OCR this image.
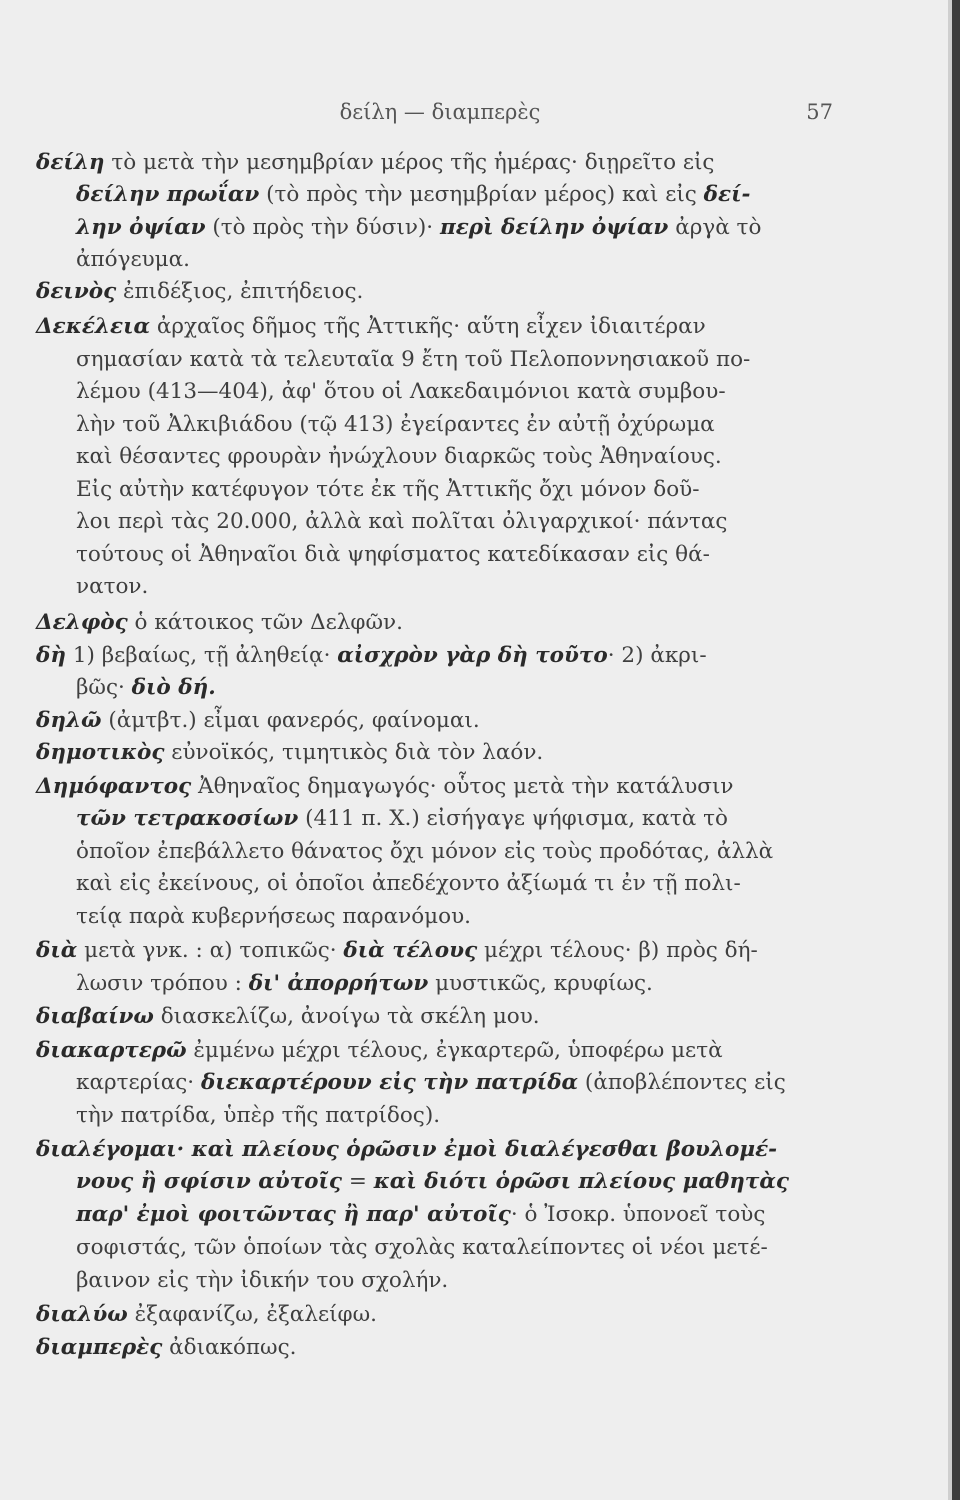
δείλη — διαμπερὲς	57
δείλη τὸ μετὰ τὴν μεσημβρίαν μέρος τῆς ἡμέρας· διῃρεῖτο εἰς
δείλην πρωΐαν (τὸ πρὸς τὴν μεσημβρίαν μέρος) καὶ εἰς δεί-
λην ὀψίαν (τὸ πρὸς τὴν δύσιν)· περὶ δείλην ὀψίαν ἀργὰ τὸ
ἀπόγευμα.
δεινὸς ἐπιδέξιος, ἐπιτήδειος.
Δεκέλεια ἀρχαῖος δῆμος τῆς Ἀττικῆς· αὕτη εἶχεν ἰδιαιτέραν
σημασίαν κατὰ τὰ τελευταῖα 9 ἔτη τοῦ Πελοποννησιακοῦ πο-
λέμου (413—404), ἀφ' ὅτου οἱ Λακεδαιμόνιοι κατὰ συμβου-
λὴν τοῦ Ἀλκιβιάδου (τῷ 413) ἐγείραντες ἐν αὐτῇ ὀχύρωμα
καὶ θέσαντες φρουρὰν ἠνώχλουν διαρκῶς τοὺς Ἀθηναίους.
Εἰς αὐτὴν κατέφυγον τότε ἐκ τῆς Ἀττικῆς ὄχι μόνον δοῦ-
λοι περὶ τὰς 20.000, ἀλλὰ καὶ πολῖται ὀλιγαρχικοί· πάντας
τούτους οἱ Ἀθηναῖοι διὰ ψηφίσματος κατεδίκασαν εἰς θά-
νατον.
Δελφὸς ὁ κάτοικος τῶν Δελφῶν.
δὴ 1) βεβαίως, τῇ ἀληθείᾳ· αἰσχρὸν γὰρ δὴ τοῦτο· 2) ἀκρι-
βῶς· διὸ δή.
δηλῶ (ἀμτβτ.) εἶμαι φανερός, φαίνομαι.
δημοτικὸς εὐνοϊκός, τιμητικὸς διὰ τὸν λαόν.
Δημόφαντος Ἀθηναῖος δημαγωγός· οὗτος μετὰ τὴν κατάλυσιν
τῶν τετρακοσίων (411 π. Χ.) εἰσήγαγε ψήφισμα, κατὰ τὸ
ὁποῖον ἐπεβάλλετο θάνατος ὄχι μόνον εἰς τοὺς προδότας, ἀλλὰ
καὶ εἰς ἐκείνους, οἱ ὁποῖοι ἀπεδέχοντο ἀξίωμά τι ἐν τῇ πολι-
τείᾳ παρὰ κυβερνήσεως παρανόμου.
διὰ μετὰ γνκ. : α) τοπικῶς· διὰ τέλους μέχρι τέλους· β) πρὸς δή-
λωσιν τρόπου : δι' ἀπορρήτων μυστικῶς, κρυφίως.
διαβαίνω διασκελίζω, ἀνοίγω τὰ σκέλη μου.
διακαρτερῶ ἐμμένω μέχρι τέλους, ἐγκαρτερῶ, ὑποφέρω μετὰ
καρτερίας· διεκαρτέρουν εἰς τὴν πατρίδα (ἀποβλέποντες εἰς
τὴν πατρίδα, ὑπὲρ τῆς πατρίδος).
διαλέγομαι· καὶ πλείους ὁρῶσιν ἐμοὶ διαλέγεσθαι βουλομέ-
νους ἢ σφίσιν αὐτοῖς = καὶ διότι ὁρῶσι πλείους μαθητὰς
παρ' ἐμοὶ φοιτῶντας ἢ παρ' αὐτοῖς· ὁ Ἰσοκρ. ὑπονοεῖ τοὺς
σοφιστάς, τῶν ὁποίων τὰς σχολὰς καταλείποντες οἱ νέοι μετέ-
βαινον εἰς τὴν ἰδικήν του σχολήν.
διαλύω ἐξαφανίζω, ἐξαλείφω.
διαμπερὲς ἀδιακόπως.
